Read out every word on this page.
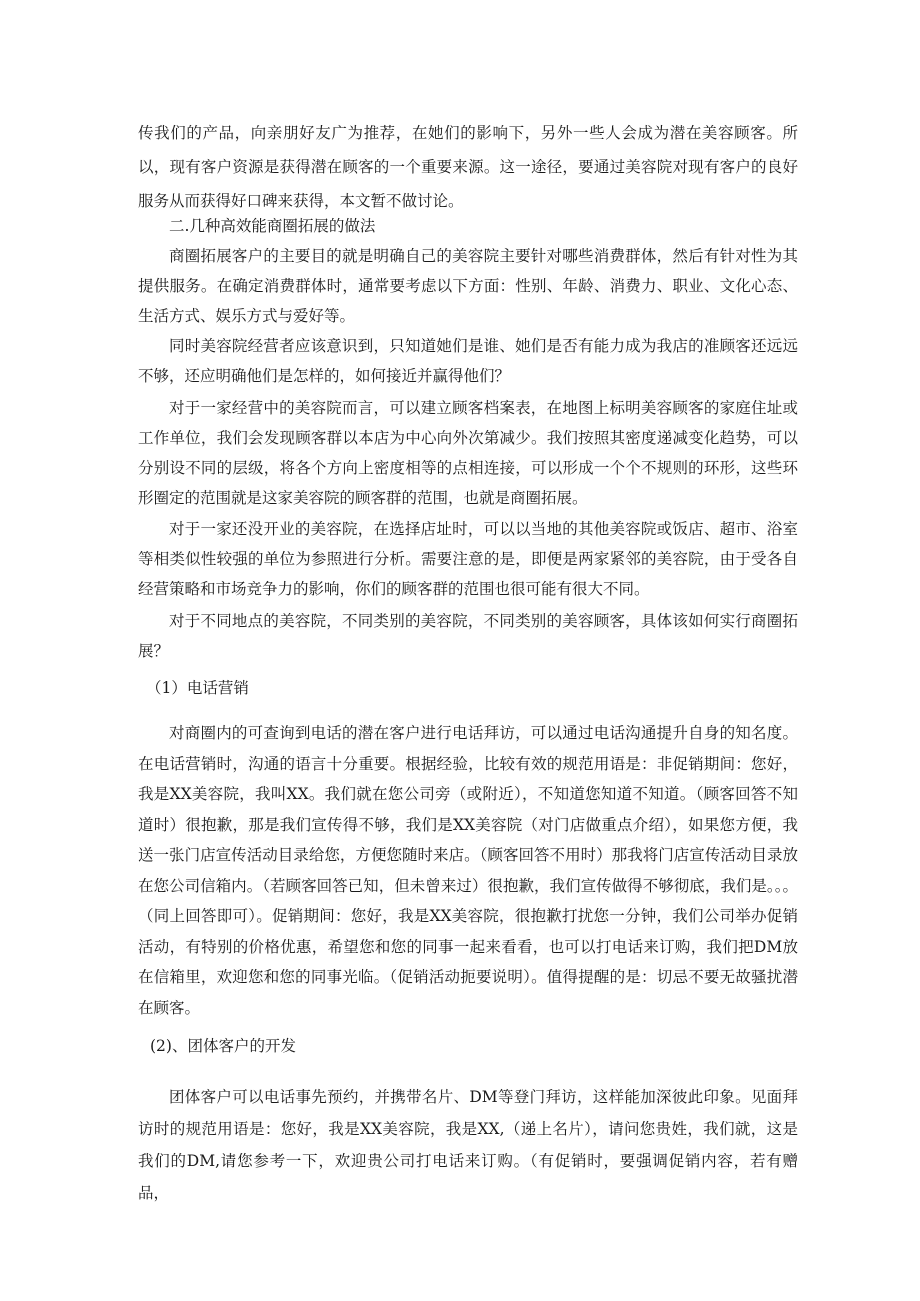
传我们的产品，向亲朋好友广为推荐，在她们的影响下，另外一些人会成为潜在美容顾客。所以，现有客户资源是获得潜在顾客的一个重要来源。这一途径，要通过美容院对现有客户的良好服务从而获得好口碑来获得，本文暂不做讨论。

二.几种高效能商圈拓展的做法

商圈拓展客户的主要目的就是明确自己的美容院主要针对哪些消费群体，然后有针对性为其提供服务。在确定消费群体时，通常要考虑以下方面：性别、年龄、消费力、职业、文化心态、生活方式、娱乐方式与爱好等。

同时美容院经营者应该意识到，只知道她们是谁、她们是否有能力成为我店的准顾客还远远不够，还应明确他们是怎样的，如何接近并赢得他们？

对于一家经营中的美容院而言，可以建立顾客档案表，在地图上标明美容顾客的家庭住址或工作单位，我们会发现顾客群以本店为中心向外次第减少。我们按照其密度递减变化趋势，可以分别设不同的层级，将各个方向上密度相等的点相连接，可以形成一个个不规则的环形，这些环形圈定的范围就是这家美容院的顾客群的范围，也就是商圈拓展。

对于一家还没开业的美容院，在选择店址时，可以以当地的其他美容院或饭店、超市、浴室等相类似性较强的单位为参照进行分析。需要注意的是，即便是两家紧邻的美容院，由于受各自经营策略和市场竞争力的影响，你们的顾客群的范围也很可能有很大不同。

对于不同地点的美容院，不同类别的美容院，不同类别的美容顾客，具体该如何实行商圈拓展？

（1）电话营销

对商圈内的可查询到电话的潜在客户进行电话拜访，可以通过电话沟通提升自身的知名度。在电话营销时，沟通的语言十分重要。根据经验，比较有效的规范用语是：非促销期间：您好，我是XX美容院，我叫XX。我们就在您公司旁（或附近），不知道您知道不知道。（顾客回答不知道时）很抱歉，那是我们宣传得不够，我们是XX美容院（对门店做重点介绍），如果您方便，我送一张门店宣传活动目录给您，方便您随时来店。（顾客回答不用时）那我将门店宣传活动目录放在您公司信箱内。（若顾客回答已知，但未曾来过）很抱歉，我们宣传做得不够彻底，我们是。。。（同上回答即可）。促销期间：您好，我是XX美容院，很抱歉打扰您一分钟，我们公司举办促销活动，有特别的价格优惠，希望您和您的同事一起来看看，也可以打电话来订购，我们把DM放在信箱里，欢迎您和您的同事光临。（促销活动扼要说明）。值得提醒的是：切忌不要无故骚扰潜在顾客。

(2)、团体客户的开发

团体客户可以电话事先预约，并携带名片、DM等登门拜访，这样能加深彼此印象。见面拜访时的规范用语是：您好，我是XX美容院，我是XX,（递上名片），请问您贵姓，我们就，这是我们的DM,请您参考一下，欢迎贵公司打电话来订购。（有促销时，要强调促销内容，若有赠品，
